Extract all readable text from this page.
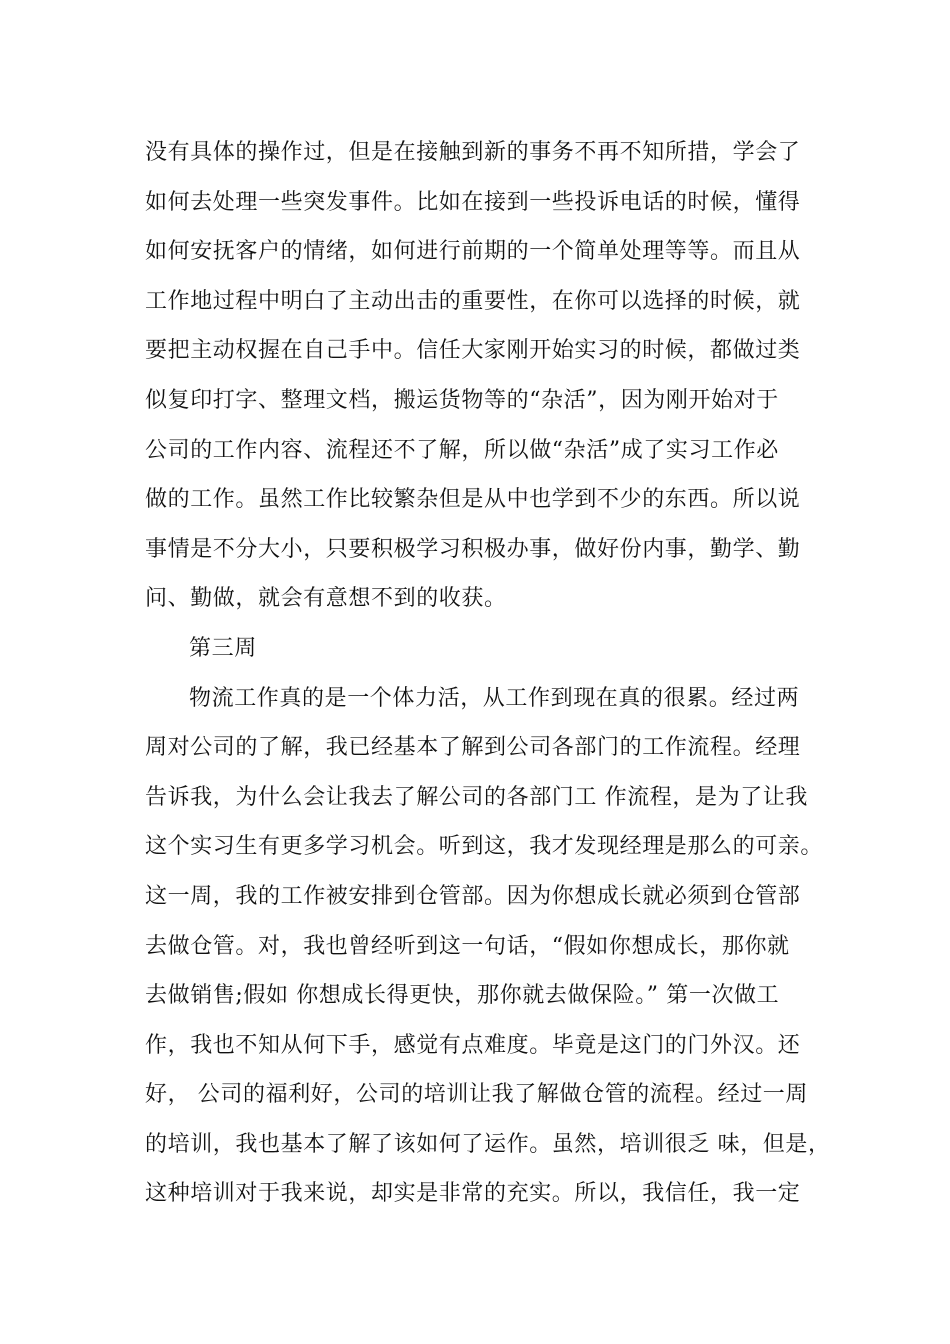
没有具体的操作过，但是在接触到新的事务不再不知所措，学会了
如何去处理一些突发事件。比如在接到一些投诉电话的时候，懂得
如何安抚客户的情绪，如何进行前期的一个简单处理等等。而且从
工作地过程中明白了主动出击的重要性，在你可以选择的时候，就
要把主动权握在自己手中。信任大家刚开始实习的时候，都做过类
似复印打字、整理文档，搬运货物等的“杂活”，因为刚开始对于
公司的工作内容、流程还不了解，所以做“杂活”成了实习工作必
做的工作。虽然工作比较繁杂但是从中也学到不少的东西。所以说
事情是不分大小，只要积极学习积极办事，做好份内事，勤学、勤
问、勤做，就会有意想不到的收获。
第三周
物流工作真的是一个体力活，从工作到现在真的很累。经过两
周对公司的了解，我已经基本了解到公司各部门的工作流程。经理
告诉我，为什么会让我去了解公司的各部门工 作流程，是为了让我
这个实习生有更多学习机会。听到这，我才发现经理是那么的可亲。
这一周，我的工作被安排到仓管部。因为你想成长就必须到仓管部
去做仓管。对，我也曾经听到这一句话，“假如你想成长，那你就
去做销售;假如 你想成长得更快，那你就去做保险。” 第一次做工
作，我也不知从何下手，感觉有点难度。毕竟是这门的门外汉。还
好， 公司的福利好，公司的培训让我了解做仓管的流程。经过一周
的培训，我也基本了解了该如何了运作。虽然，培训很乏 味，但是，
这种培训对于我来说，却实是非常的充实。所以，我信任，我一定
